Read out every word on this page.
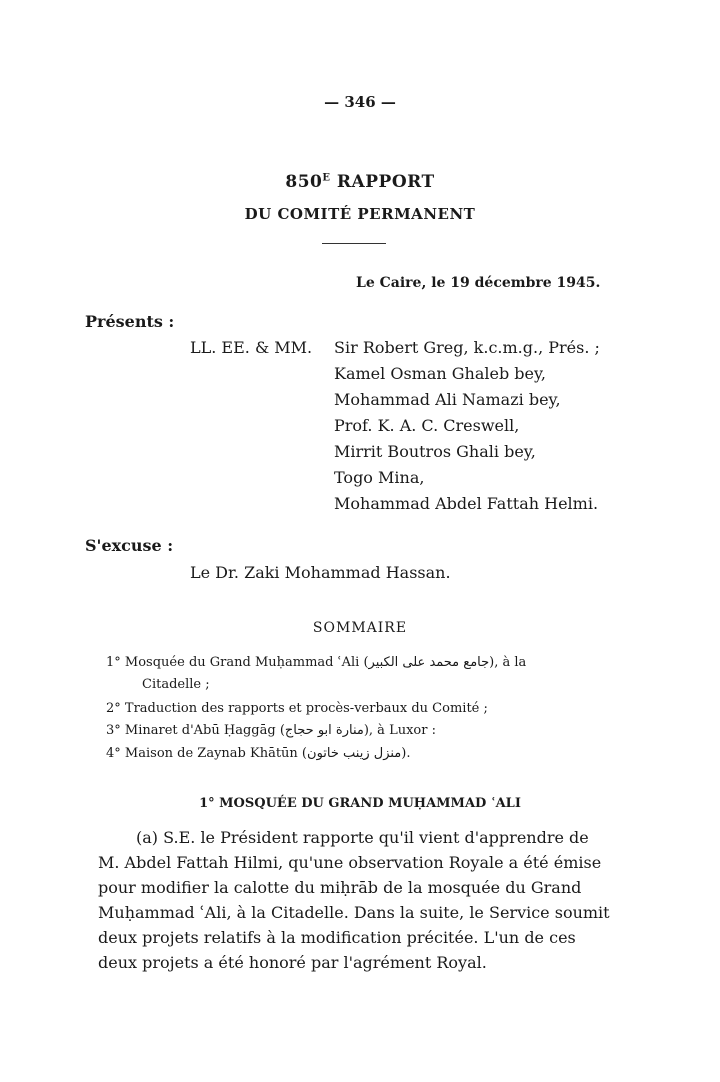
— 346 —
$850^E$ RAPPORT
DU COMITÉ PERMANENT
Le Caire, le 19 décembre 1945.
Présents :
LL. EE. & MM. Sir Robert Greg, k.c.m.g., Prés. ;
Kamel Osman Ghaleb bey,
Mohammad Ali Namazi bey,
Prof. K. A. C. Creswell,
Mirrit Boutros Ghali bey,
Togo Mina,
Mohammad Abdel Fattah Helmi.
S'excuse :
Le Dr. Zaki Mohammad Hassan.
SOMMAIRE
1° Mosquée du Grand Muḥammad ʿAli (جامع محمد على الكبير), à la
Citadelle ;
2° Traduction des rapports et procès-verbaux du Comité ;
3° Minaret d'Abū Ḥaggāg (منارة ابو حجاج), à Luxor :
4° Maison de Zaynab Khātūn (منزل زينب خاتون).
1° MOSQUÉE DU GRAND MUḤAMMAD ʿALI
(a) S.E. le Président rapporte qu'il vient d'apprendre de
M. Abdel Fattah Hilmi, qu'une observation Royale a été émise
pour modifier la calotte du miḥrāb de la mosquée du Grand
Muḥammad ʿAli, à la Citadelle. Dans la suite, le Service soumit
deux projets relatifs à la modification précitée. L'un de ces
deux projets a été honoré par l'agrément Royal.
